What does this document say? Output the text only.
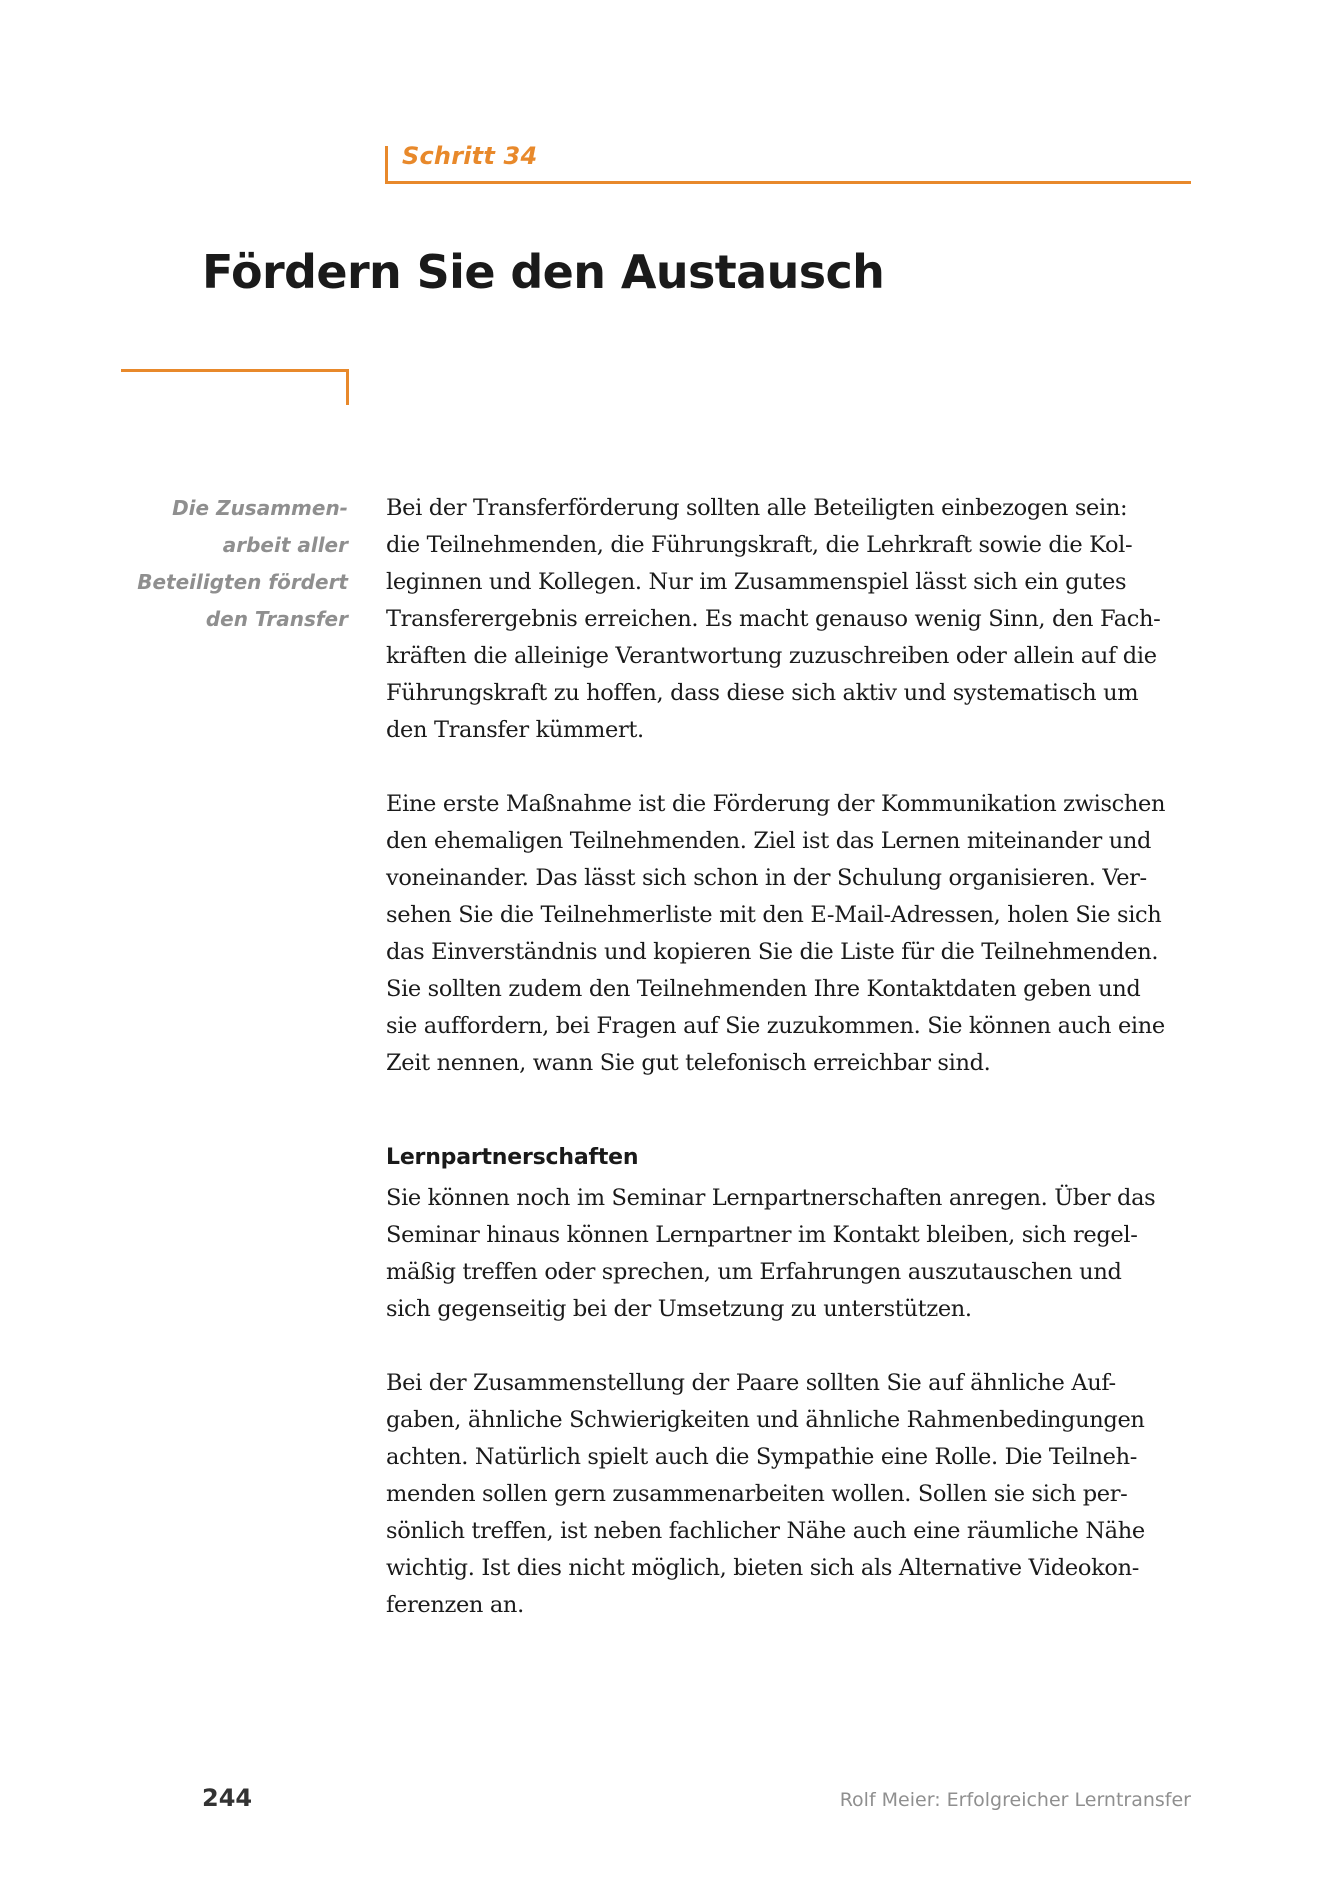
Schritt 34
Fördern Sie den Austausch
Die Zusammen-
arbeit aller
Beteiligten fördert
den Transfer

Bei der Transferförderung sollten alle Beteiligten einbezogen sein:
die Teilnehmenden, die Führungskraft, die Lehrkraft sowie die Kol-
leginnen und Kollegen. Nur im Zusammenspiel lässt sich ein gutes
Transferergebnis erreichen. Es macht genauso wenig Sinn, den Fach-
kräften die alleinige Verantwortung zuzuschreiben oder allein auf die
Führungskraft zu hoffen, dass diese sich aktiv und systematisch um
den Transfer kümmert.

Eine erste Maßnahme ist die Förderung der Kommunikation zwischen
den ehemaligen Teilnehmenden. Ziel ist das Lernen miteinander und
voneinander. Das lässt sich schon in der Schulung organisieren. Ver-
sehen Sie die Teilnehmerliste mit den E-Mail-Adressen, holen Sie sich
das Einverständnis und kopieren Sie die Liste für die Teilnehmenden.
Sie sollten zudem den Teilnehmenden Ihre Kontaktdaten geben und
sie auffordern, bei Fragen auf Sie zuzukommen. Sie können auch eine
Zeit nennen, wann Sie gut telefonisch erreichbar sind.

Lernpartnerschaften

Sie können noch im Seminar Lernpartnerschaften anregen. Über das
Seminar hinaus können Lernpartner im Kontakt bleiben, sich regel-
mäßig treffen oder sprechen, um Erfahrungen auszutauschen und
sich gegenseitig bei der Umsetzung zu unterstützen.

Bei der Zusammenstellung der Paare sollten Sie auf ähnliche Auf-
gaben, ähnliche Schwierigkeiten und ähnliche Rahmenbedingungen
achten. Natürlich spielt auch die Sympathie eine Rolle. Die Teilneh-
menden sollen gern zusammenarbeiten wollen. Sollen sie sich per-
sönlich treffen, ist neben fachlicher Nähe auch eine räumliche Nähe
wichtig. Ist dies nicht möglich, bieten sich als Alternative Videokon-
ferenzen an.

244	Rolf Meier: Erfolgreicher Lerntransfer
